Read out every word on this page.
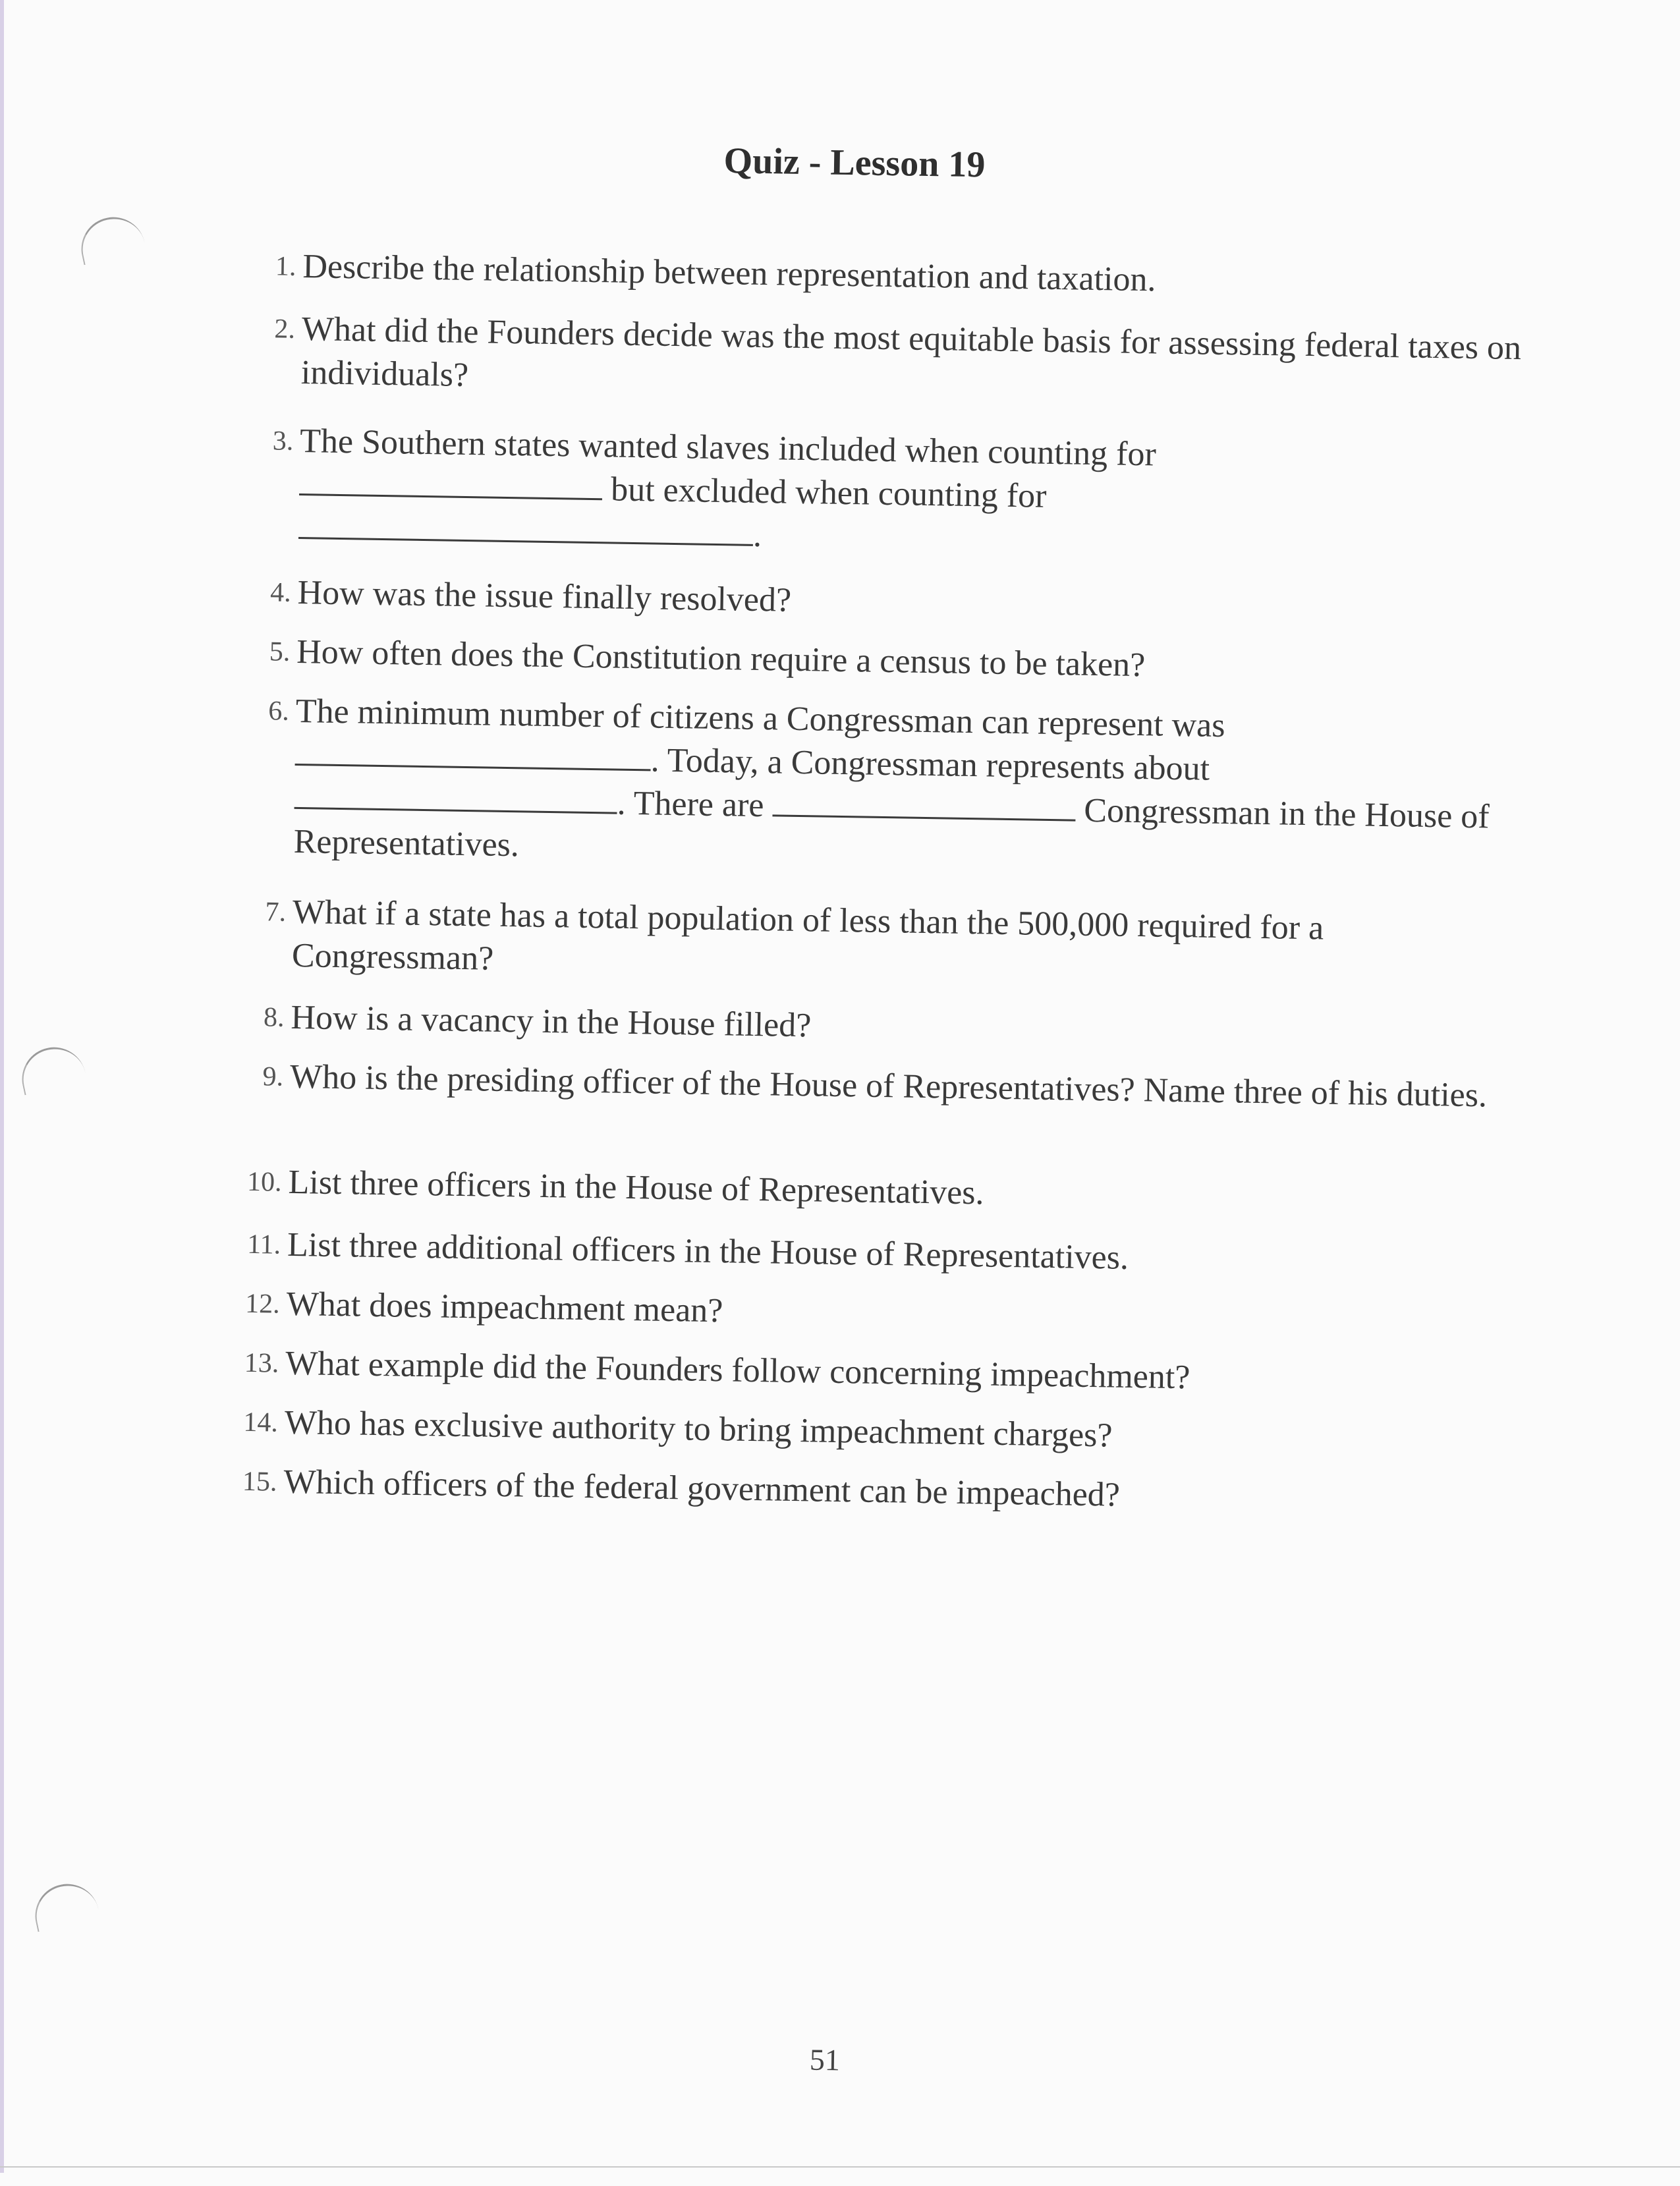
Quiz - Lesson 19
1. Describe the relationship between representation and taxation.
2. What did the Founders decide was the most equitable basis for assessing federal taxes on individuals?
3. The Southern states wanted slaves included when counting for
but excluded when counting for
.
4. How was the issue finally resolved?
5. How often does the Constitution require a census to be taken?
6. The minimum number of citizens a Congressman can represent was
. Today, a Congressman represents about
. There are	Congressman in the House of Representatives.
7. What if a state has a total population of less than the 500,000 required for a Congressman?
8. How is a vacancy in the House filled?
9. Who is the presiding officer of the House of Representatives? Name three of his duties.
10. List three officers in the House of Representatives.
11. List three additional officers in the House of Representatives.
12. What does impeachment mean?
13. What example did the Founders follow concerning impeachment?
14. Who has exclusive authority to bring impeachment charges?
15. Which officers of the federal government can be impeached?
51
